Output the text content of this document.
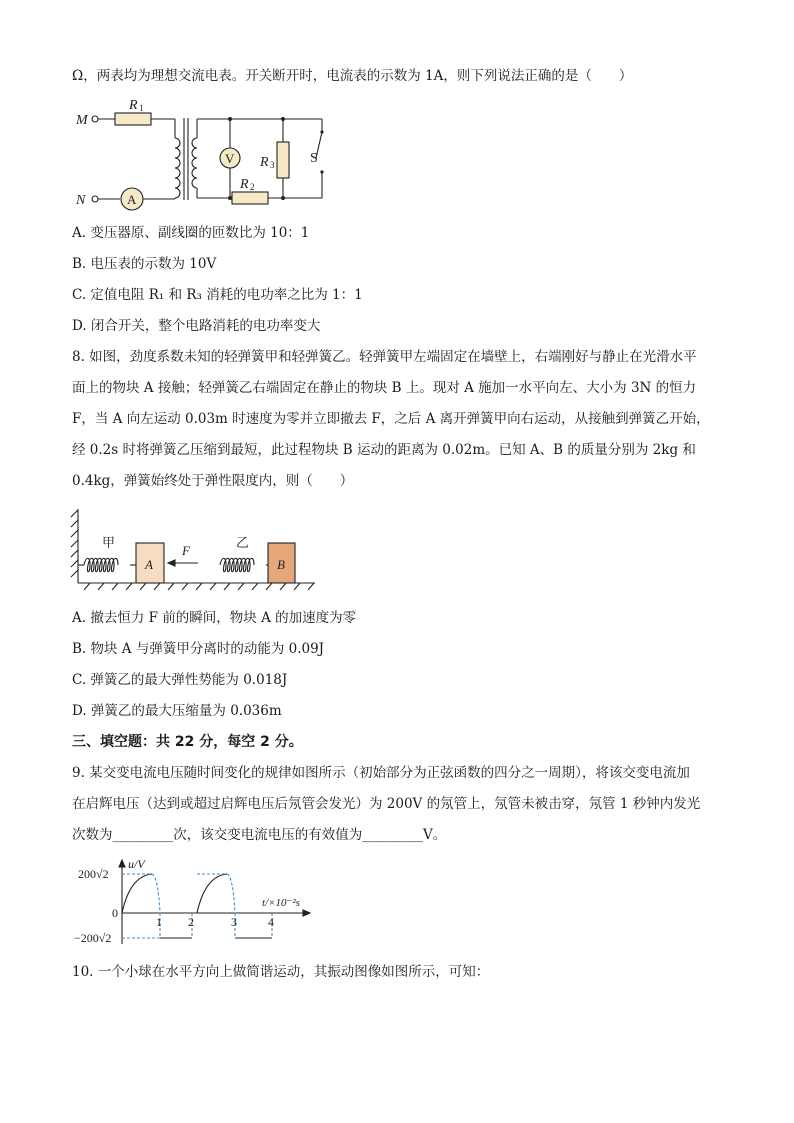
Ω，两表均为理想交流电表。开关断开时，电流表的示数为 1A，则下列说法正确的是（　　）
M
N
R 1
R 2
R 3	S
V
A
A. 变压器原、副线圈的匝数比为 10：1
B. 电压表的示数为 10V
C. 定值电阻 R₁ 和 R₃ 消耗的电功率之比为 1：1
D. 闭合开关，整个电路消耗的电功率变大
8. 如图，劲度系数未知的轻弹簧甲和轻弹簧乙。轻弹簧甲左端固定在墙壁上，右端刚好与静止在光滑水平
面上的物块 A 接触；轻弹簧乙右端固定在静止的物块 B 上。现对 A 施加一水平向左、大小为 3N 的恒力
F，当 A 向左运动 0.03m 时速度为零并立即撤去 F，之后 A 离开弹簧甲向右运动，从接触到弹簧乙开始，
经 0.2s 时将弹簧乙压缩到最短，此过程物块 B 运动的距离为 0.02m。已知 A、B 的质量分别为 2kg 和
0.4kg，弹簧始终处于弹性限度内，则（　　）
甲	乙
F
A	B
A. 撤去恒力 F 前的瞬间，物块 A 的加速度为零
B. 物块 A 与弹簧甲分离时的动能为 0.09J
C. 弹簧乙的最大弹性势能为 0.018J
D. 弹簧乙的最大压缩量为 0.036m
三、填空题：共 22 分，每空 2 分。
9. 某交变电流电压随时间变化的规律如图所示（初始部分为正弦函数的四分之一周期），将该交变电流加
在启辉电压（达到或超过启辉电压后氖管会发光）为 200V 的氖管上，氖管未被击穿，氖管 1 秒钟内发光
次数为_________次，该交变电流电压的有效值为_________V。
u/V
t/×10⁻²s
200√2
−200√2
0
1 2	3	4
10. 一个小球在水平方向上做简谐运动，其振动图像如图所示，可知：
